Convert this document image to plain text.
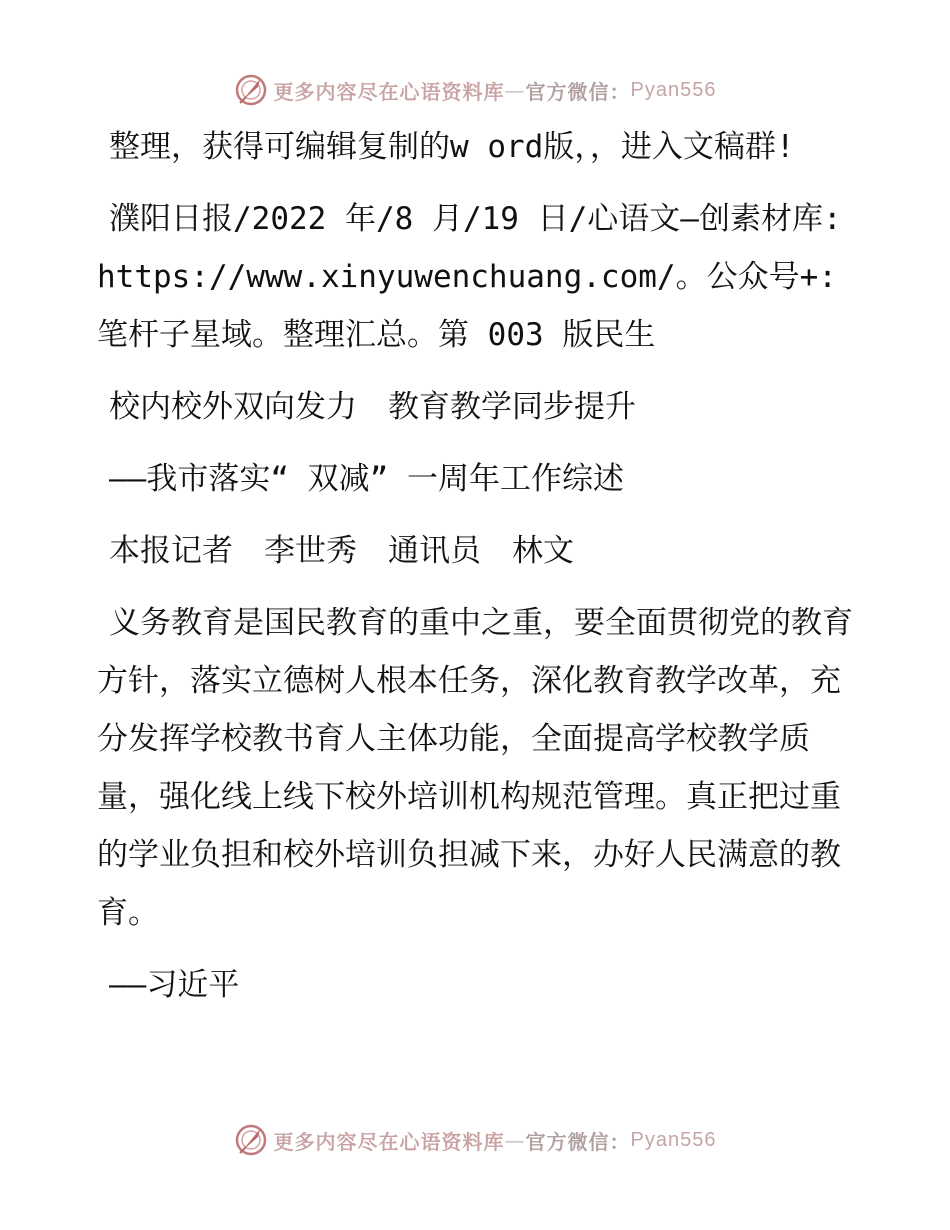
更多内容尽在心语资料库 — 官方微信： Pyan556

整理，获得可编辑复制的w ord版，，进入文稿群!

濮阳日报/2022 年/8 月/19 日/心语文—创素材库: https://www.xinyuwenchuang.com/。公众号+: 笔杆子星域。整理汇总。第 003 版民生

校内校外双向发力　教育教学同步提升

——我市落实“ 双减” 一周年工作综述

本报记者　李世秀　通讯员　林文

义务教育是国民教育的重中之重，要全面贯彻党的教育方针，落实立德树人根本任务，深化教育教学改革，充分发挥学校教书育人主体功能，全面提高学校教学质量，强化线上线下校外培训机构规范管理。真正把过重的学业负担和校外培训负担减下来，办好人民满意的教育。

——习近平

更多内容尽在心语资料库 — 官方微信： Pyan556
